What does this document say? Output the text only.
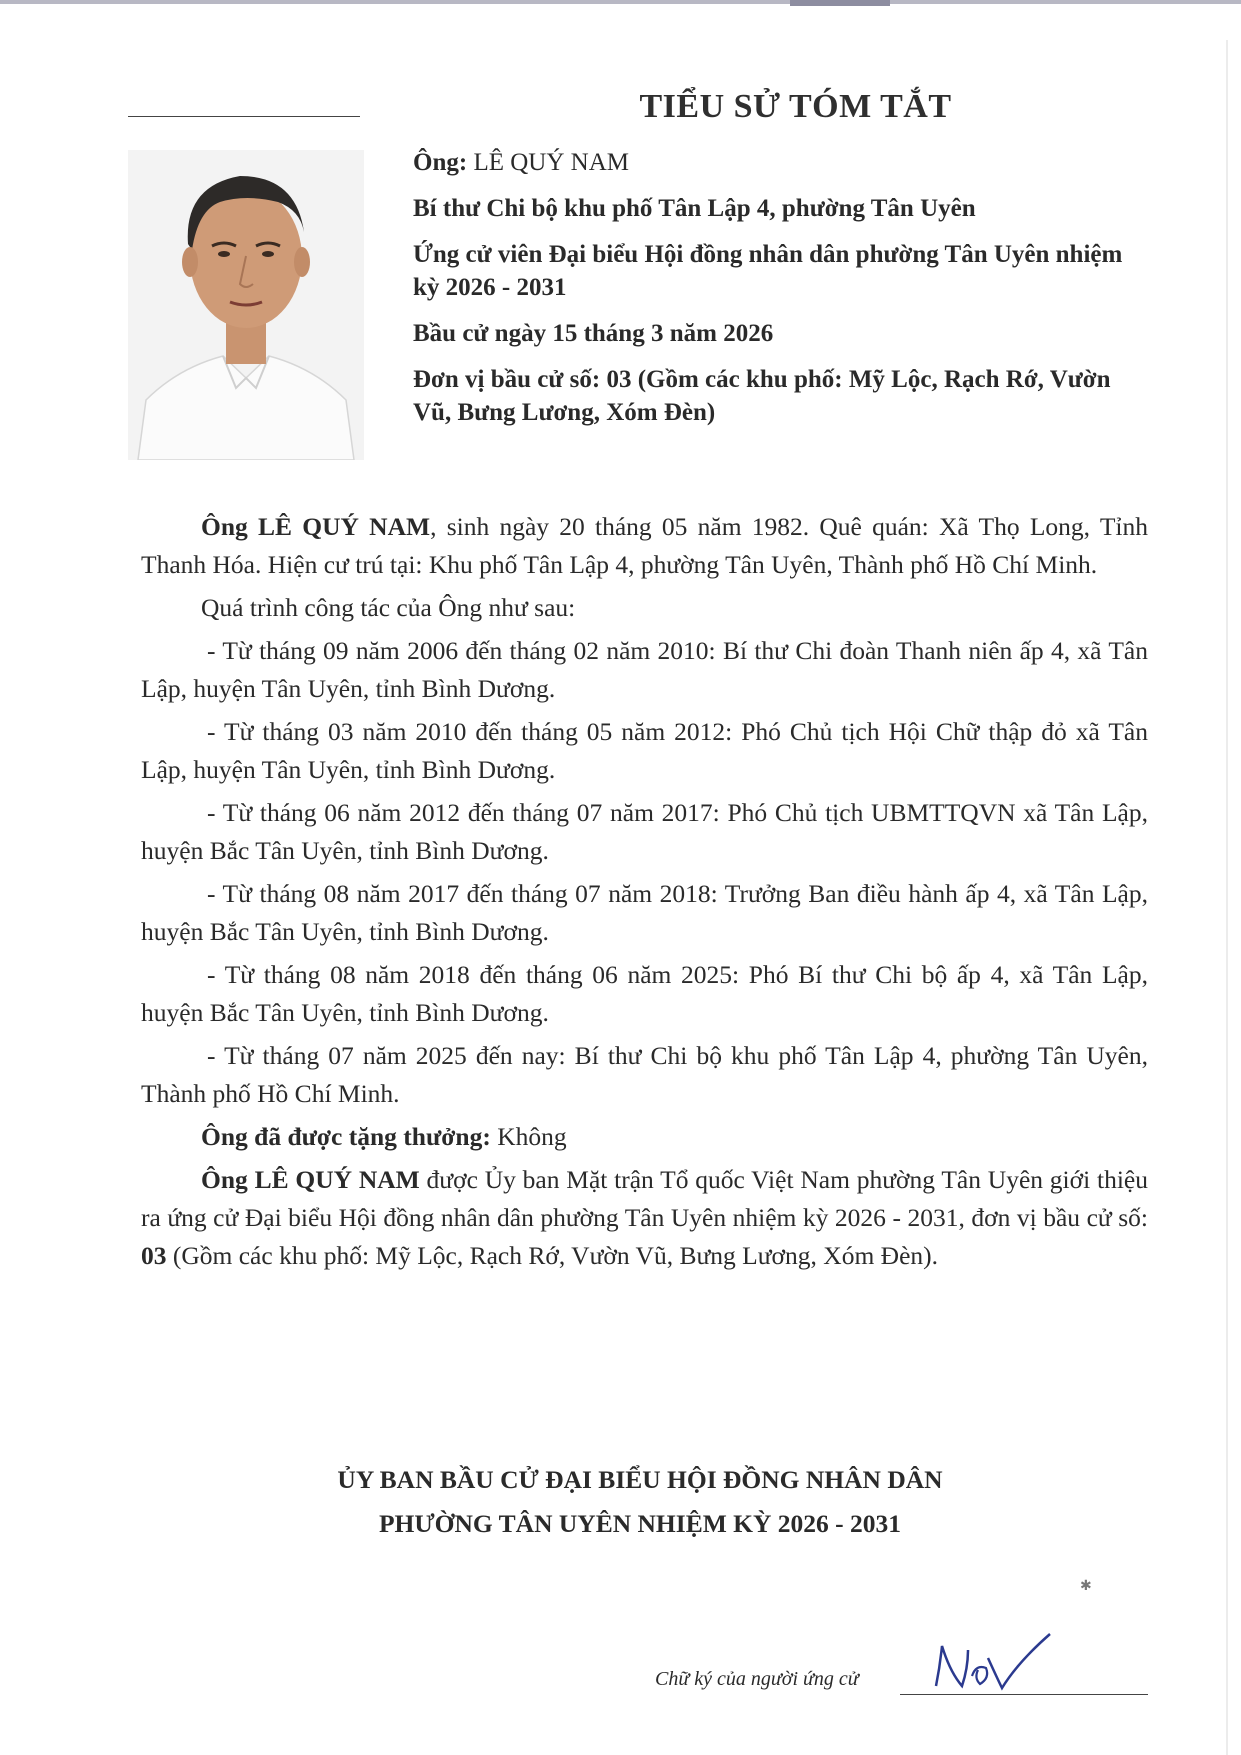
TIỂU SỬ TÓM TẮT
Ông: LÊ QUÝ NAM
Bí thư Chi bộ khu phố Tân Lập 4, phường Tân Uyên
Ứng cử viên Đại biểu Hội đồng nhân dân phường Tân Uyên nhiệm kỳ 2026 - 2031
Bầu cử ngày 15 tháng 3 năm 2026
Đơn vị bầu cử số: 03 (Gồm các khu phố: Mỹ Lộc, Rạch Rớ, Vườn Vũ, Bưng Lương, Xóm Đèn)

Ông LÊ QUÝ NAM, sinh ngày 20 tháng 05 năm 1982. Quê quán: Xã Thọ Long, Tỉnh Thanh Hóa. Hiện cư trú tại: Khu phố Tân Lập 4, phường Tân Uyên, Thành phố Hồ Chí Minh.

Quá trình công tác của Ông như sau:

- Từ tháng 09 năm 2006 đến tháng 02 năm 2010: Bí thư Chi đoàn Thanh niên ấp 4, xã Tân Lập, huyện Tân Uyên, tỉnh Bình Dương.

- Từ tháng 03 năm 2010 đến tháng 05 năm 2012: Phó Chủ tịch Hội Chữ thập đỏ xã Tân Lập, huyện Tân Uyên, tỉnh Bình Dương.

- Từ tháng 06 năm 2012 đến tháng 07 năm 2017: Phó Chủ tịch UBMTTQVN xã Tân Lập, huyện Bắc Tân Uyên, tỉnh Bình Dương.

- Từ tháng 08 năm 2017 đến tháng 07 năm 2018: Trưởng Ban điều hành ấp 4, xã Tân Lập, huyện Bắc Tân Uyên, tỉnh Bình Dương.

- Từ tháng 08 năm 2018 đến tháng 06 năm 2025: Phó Bí thư Chi bộ ấp 4, xã Tân Lập, huyện Bắc Tân Uyên, tỉnh Bình Dương.

- Từ tháng 07 năm 2025 đến nay: Bí thư Chi bộ khu phố Tân Lập 4, phường Tân Uyên, Thành phố Hồ Chí Minh.

Ông đã được tặng thưởng: Không

Ông LÊ QUÝ NAM được Ủy ban Mặt trận Tổ quốc Việt Nam phường Tân Uyên giới thiệu ra ứng cử Đại biểu Hội đồng nhân dân phường Tân Uyên nhiệm kỳ 2026 - 2031, đơn vị bầu cử số: 03 (Gồm các khu phố: Mỹ Lộc, Rạch Rớ, Vườn Vũ, Bưng Lương, Xóm Đèn).

ỦY BAN BẦU CỬ ĐẠI BIỂU HỘI ĐỒNG NHÂN DÂN
PHƯỜNG TÂN UYÊN NHIỆM KỲ 2026 - 2031
✱
Chữ ký của người ứng cử
